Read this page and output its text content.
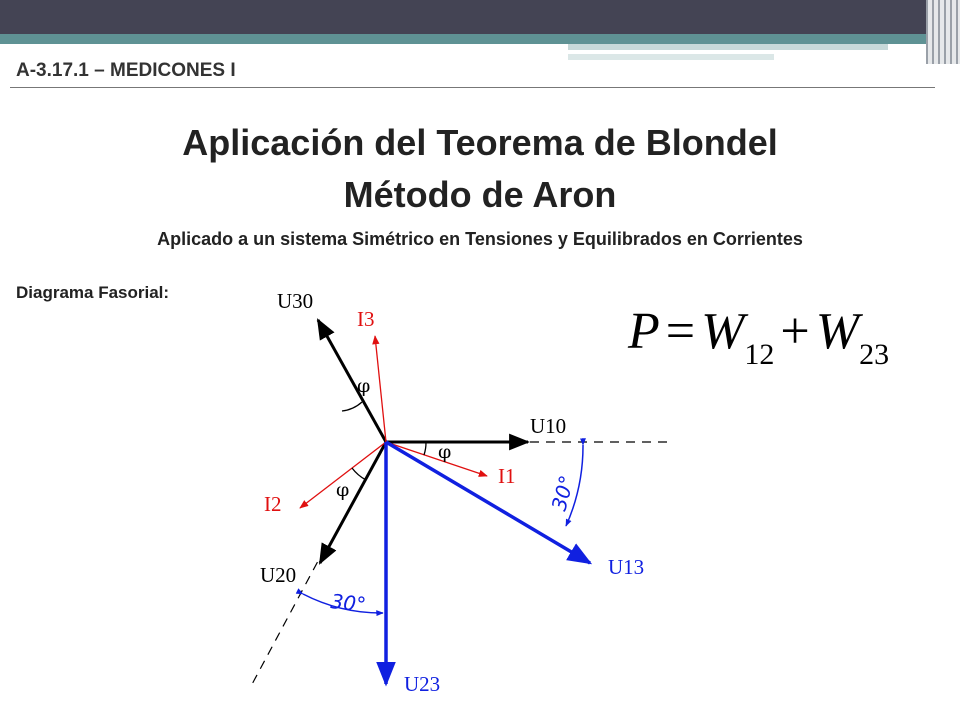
A-3.17.1 – MEDICONES I
Aplicación del Teorema de Blondel
Método de Aron
Aplicado a un sistema Simétrico en Tensiones y Equilibrados en Corrientes
Diagrama Fasorial:
$P = W_{12} + W_{23}$
U30
U10
U20
I3
I1
I2
U13
U23
φ
φ
φ	30°
30°
